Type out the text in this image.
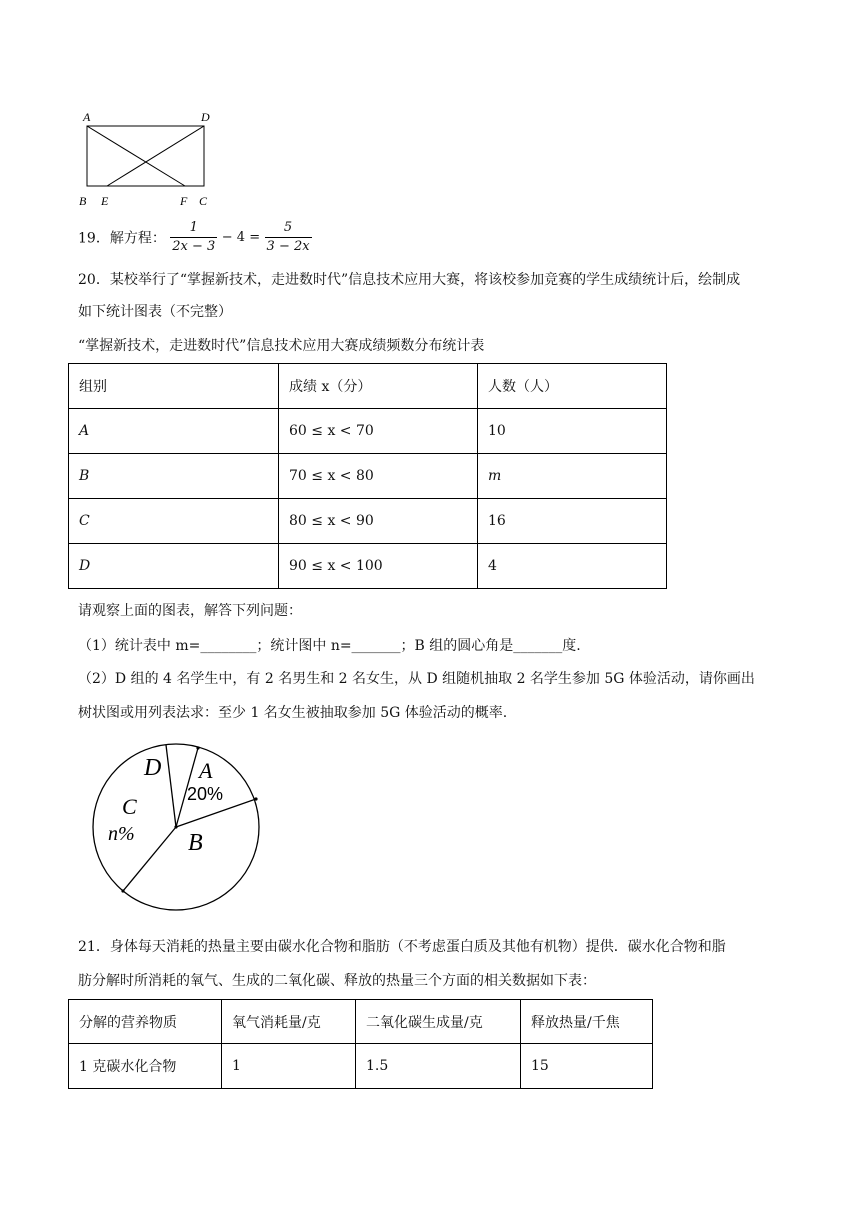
A	D
B E	F C
19．解方程： $\frac{1}{2x - 3} - 4 = \frac{5}{3 - 2x}$
20．某校举行了“掌握新技术，走进数时代”信息技术应用大赛，将该校参加竞赛的学生成绩统计后，绘制成
如下统计图表（不完整）
“掌握新技术，走进数时代”信息技术应用大赛成绩频数分布统计表
组别	成绩 x（分）	人数（人）
A	60 ≤ x < 70	10
B	70 ≤ x < 80	m
C	80 ≤ x < 90	16
D	90 ≤ x < 100	4
请观察上面的图表，解答下列问题：
（1）统计表中 m=________；统计图中 n=_______；B 组的圆心角是_______度.
（2）D 组的 4 名学生中，有 2 名男生和 2 名女生，从 D 组随机抽取 2 名学生参加 5G 体验活动，请你画出
树状图或用列表法求：至少 1 名女生被抽取参加 5G 体验活动的概率.
D A
20%
C
n% B
21．身体每天消耗的热量主要由碳水化合物和脂肪（不考虑蛋白质及其他有机物）提供．碳水化合物和脂
肪分解时所消耗的氧气、生成的二氧化碳、释放的热量三个方面的相关数据如下表：
分解的营养物质	氧气消耗量/克	二氧化碳生成量/克	释放热量/千焦
1 克碳水化合物	1	1.5	15
